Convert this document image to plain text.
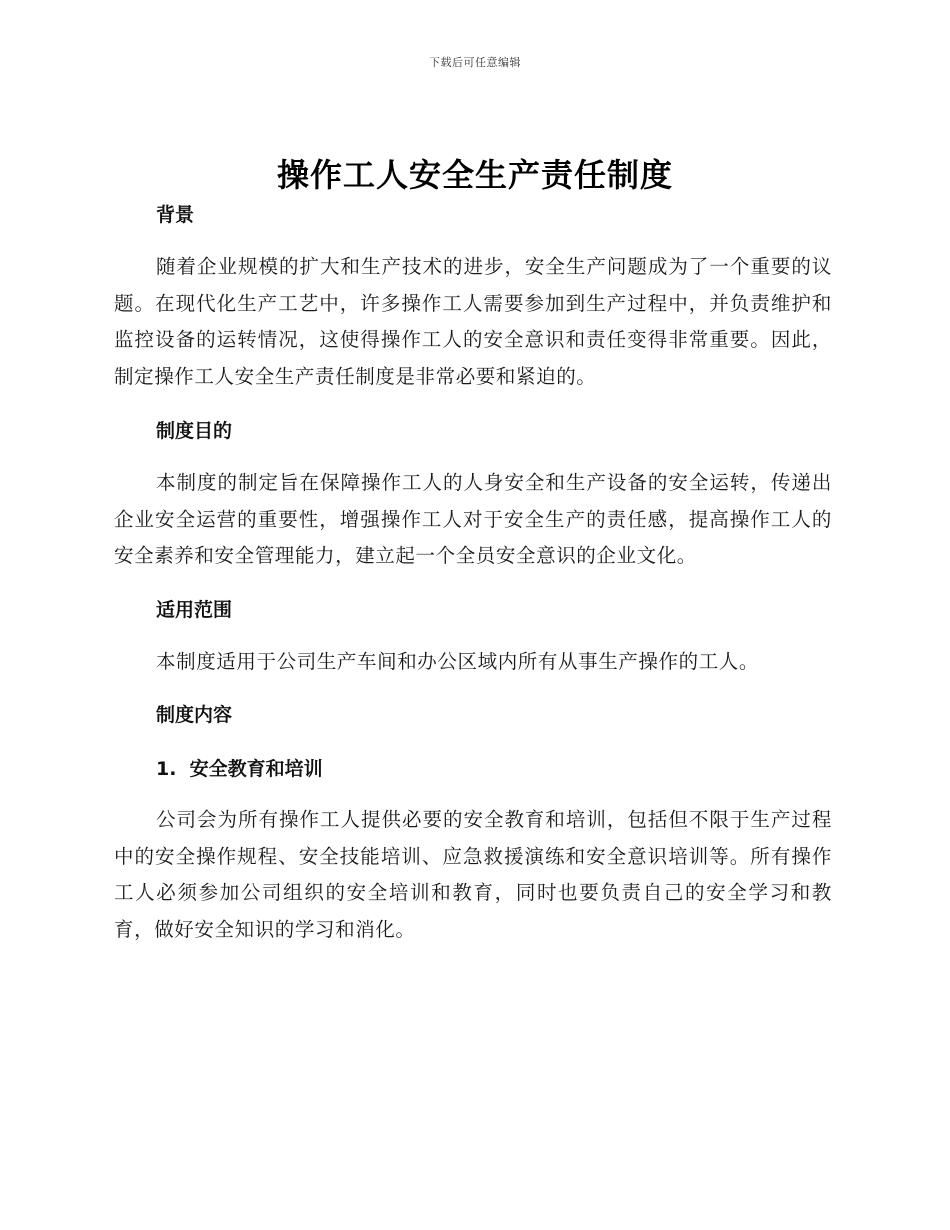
下载后可任意编辑
操作工人安全生产责任制度
背景

随着企业规模的扩大和生产技术的进步，安全生产问题成为了一个重要的议题。在现代化生产工艺中，许多操作工人需要参加到生产过程中，并负责维护和监控设备的运转情况，这使得操作工人的安全意识和责任变得非常重要。因此，制定操作工人安全生产责任制度是非常必要和紧迫的。

制度目的

本制度的制定旨在保障操作工人的人身安全和生产设备的安全运转，传递出企业安全运营的重要性，增强操作工人对于安全生产的责任感，提高操作工人的安全素养和安全管理能力，建立起一个全员安全意识的企业文化。

适用范围

本制度适用于公司生产车间和办公区域内所有从事生产操作的工人。

制度内容
1.  安全教育和培训

公司会为所有操作工人提供必要的安全教育和培训，包括但不限于生产过程中的安全操作规程、安全技能培训、应急救援演练和安全意识培训等。所有操作工人必须参加公司组织的安全培训和教育，同时也要负责自己的安全学习和教育，做好安全知识的学习和消化。
